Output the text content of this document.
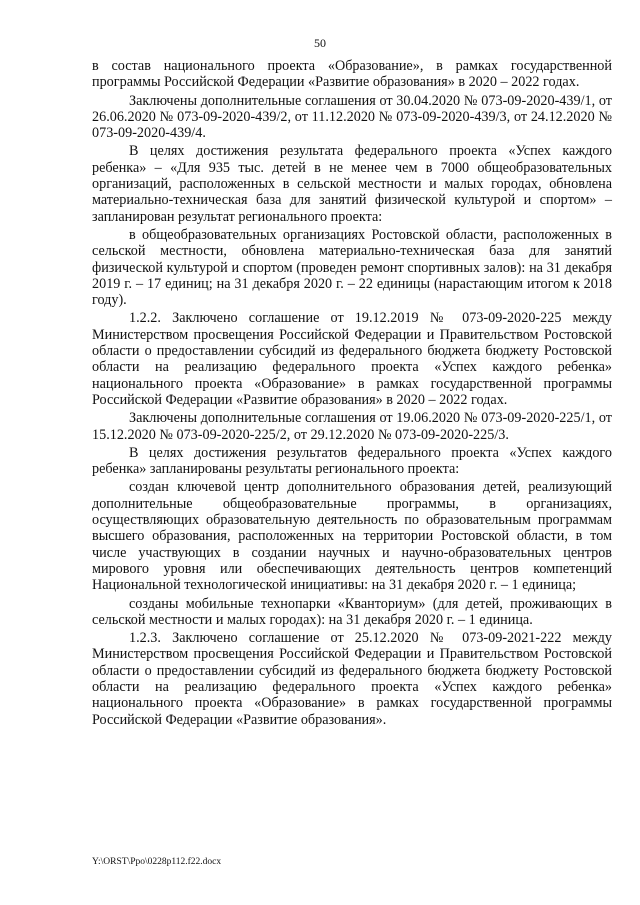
50

в состав национального проекта «Образование», в рамках государственной программы Российской Федерации «Развитие образования» в 2020 – 2022 годах.

Заключены дополнительные соглашения от 30.04.2020 № 073-09-2020-439/1, от 26.06.2020 № 073-09-2020-439/2, от 11.12.2020 № 073-09-2020-439/3, от 24.12.2020 № 073-09-2020-439/4.

В целях достижения результата федерального проекта «Успех каждого ребенка» – «Для 935 тыс. детей в не менее чем в 7000 общеобразовательных организаций, расположенных в сельской местности и малых городах, обновлена материально-техническая база для занятий физической культурой и спортом» – запланирован результат регионального проекта:

в общеобразовательных организациях Ростовской области, расположенных в сельской местности, обновлена материально-техническая база для занятий физической культурой и спортом (проведен ремонт спортивных залов): на 31 декабря 2019 г. – 17 единиц; на 31 декабря 2020 г. – 22 единицы (нарастающим итогом к 2018 году).

1.2.2. Заключено соглашение от 19.12.2019 № 073-09-2020-225 между Министерством просвещения Российской Федерации и Правительством Ростовской области о предоставлении субсидий из федерального бюджета бюджету Ростовской области на реализацию федерального проекта «Успех каждого ребенка» национального проекта «Образование» в рамках государственной программы Российской Федерации «Развитие образования» в 2020 – 2022 годах.

Заключены дополнительные соглашения от 19.06.2020 № 073-09-2020-225/1, от 15.12.2020 № 073-09-2020-225/2, от 29.12.2020 № 073-09-2020-225/3.

В целях достижения результатов федерального проекта «Успех каждого ребенка» запланированы результаты регионального проекта:

создан ключевой центр дополнительного образования детей, реализующий дополнительные общеобразовательные программы, в организациях, осуществляющих образовательную деятельность по образовательным программам высшего образования, расположенных на территории Ростовской области, в том числе участвующих в создании научных и научно-образовательных центров мирового уровня или обеспечивающих деятельность центров компетенций Национальной технологической инициативы: на 31 декабря 2020 г. – 1 единица;

созданы мобильные технопарки «Кванториум» (для детей, проживающих в сельской местности и малых городах): на 31 декабря 2020 г. – 1 единица.

1.2.3. Заключено соглашение от 25.12.2020 № 073-09-2021-222 между Министерством просвещения Российской Федерации и Правительством Ростовской области о предоставлении субсидий из федерального бюджета бюджету Ростовской области на реализацию федерального проекта «Успех каждого ребенка» национального проекта «Образование» в рамках государственной программы Российской Федерации «Развитие образования».

Y:\ORST\Ppo\0228p112.f22.docx
